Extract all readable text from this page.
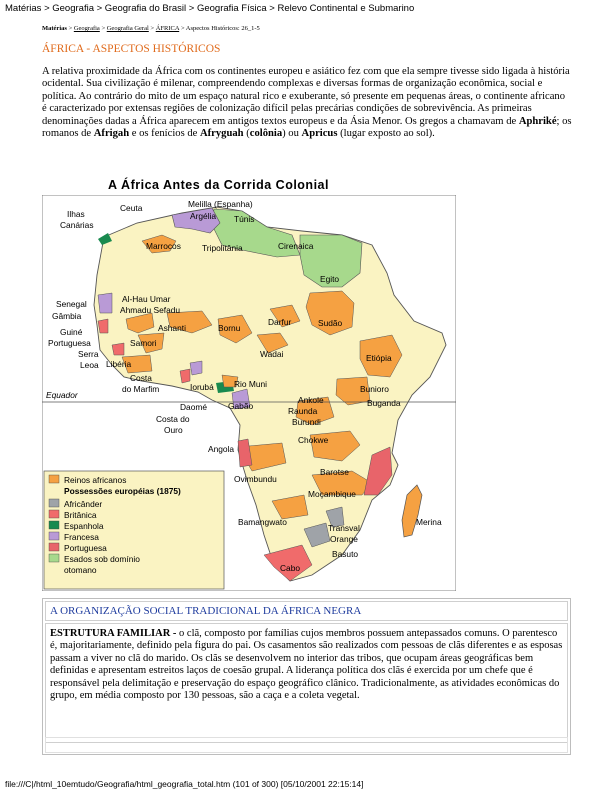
Matérias > Geografia > Geografia do Brasil > Geografia Física > Relevo Continental e Submarino
Matérias > Geografia > Geografia Geral > ÁFRICA > Aspectos Históricos: 26_1-5
ÁFRICA - ASPECTOS HISTÓRICOS
A relativa proximidade da África com os continentes europeu e asiático fez com que ela sempre tivesse sido ligada à história ocidental. Sua civilização é milenar, compreendendo complexas e diversas formas de organização econômica, social e política. Ao contrário do mito de um espaço natural rico e exuberante, só presente em pequenas áreas, o continente africano é caracterizado por extensas regiões de colonização difícil pelas precárias condições de sobrevivência. As primeiras denominações dadas a África aparecem em antigos textos europeus e da Ásia Menor. Os gregos a chamavam de Aphriké; os romanos de Afrigah e os fenícios de Afryguah (colônia) ou Apricus (lugar exposto ao sol).
A África Antes da Corrida Colonial
Ilhas
Canárias
Ceuta	Melilla (Espanha)
Argélia Túnis
Marrocos	Tripolitânia	Cirenaica
Egito
Senegal
Gâmbia
Guiné
Portuguesa
Serra
Leoa Libéria
Costa
do Marfim
Al-Hau Umar
Ahmadu Sefadu
Ashanti
Samori
Bornu
Darfur	Sudão
Wadai	Etiópia
Iorubá Rio Muni
Daomé	Gabão
Costa do
Ouro
Bunioro
Buganda
Ankole
Raunda
Burundi
Chokwe
Angola
Barotse
Ovimbundu
Moçambique
Merina
Bamangwato
Transval
Orange
Basuto
Cabo
Equador
Reinos africanos
Possessões européias (1875)
Africânder
Britânica
Espanhola
Francesa
Portuguesa
Esados sob domínio
otomano
A ORGANIZAÇÃO SOCIAL TRADICIONAL DA ÁFRICA NEGRA
ESTRUTURA FAMILIAR - o clã, composto por famílias cujos membros possuem antepassados comuns. O parentesco é, majoritariamente, definido pela figura do pai. Os casamentos são realizados com pessoas de clãs diferentes e as esposas passam a viver no clã do marido. Os clãs se desenvolvem no interior das tribos, que ocupam áreas geográficas bem definidas e apresentam estreitos laços de coesão grupal. A liderança política dos clãs é exercida por um chefe que é responsável pela delimitação e preservação do espaço geográfico clânico. Tradicionalmente, as atividades econômicas do grupo, em média composto por 130 pessoas, são a caça e a coleta vegetal.
file:///C|/html_10emtudo/Geografia/html_geografia_total.htm (101 of 300) [05/10/2001 22:15:14]
